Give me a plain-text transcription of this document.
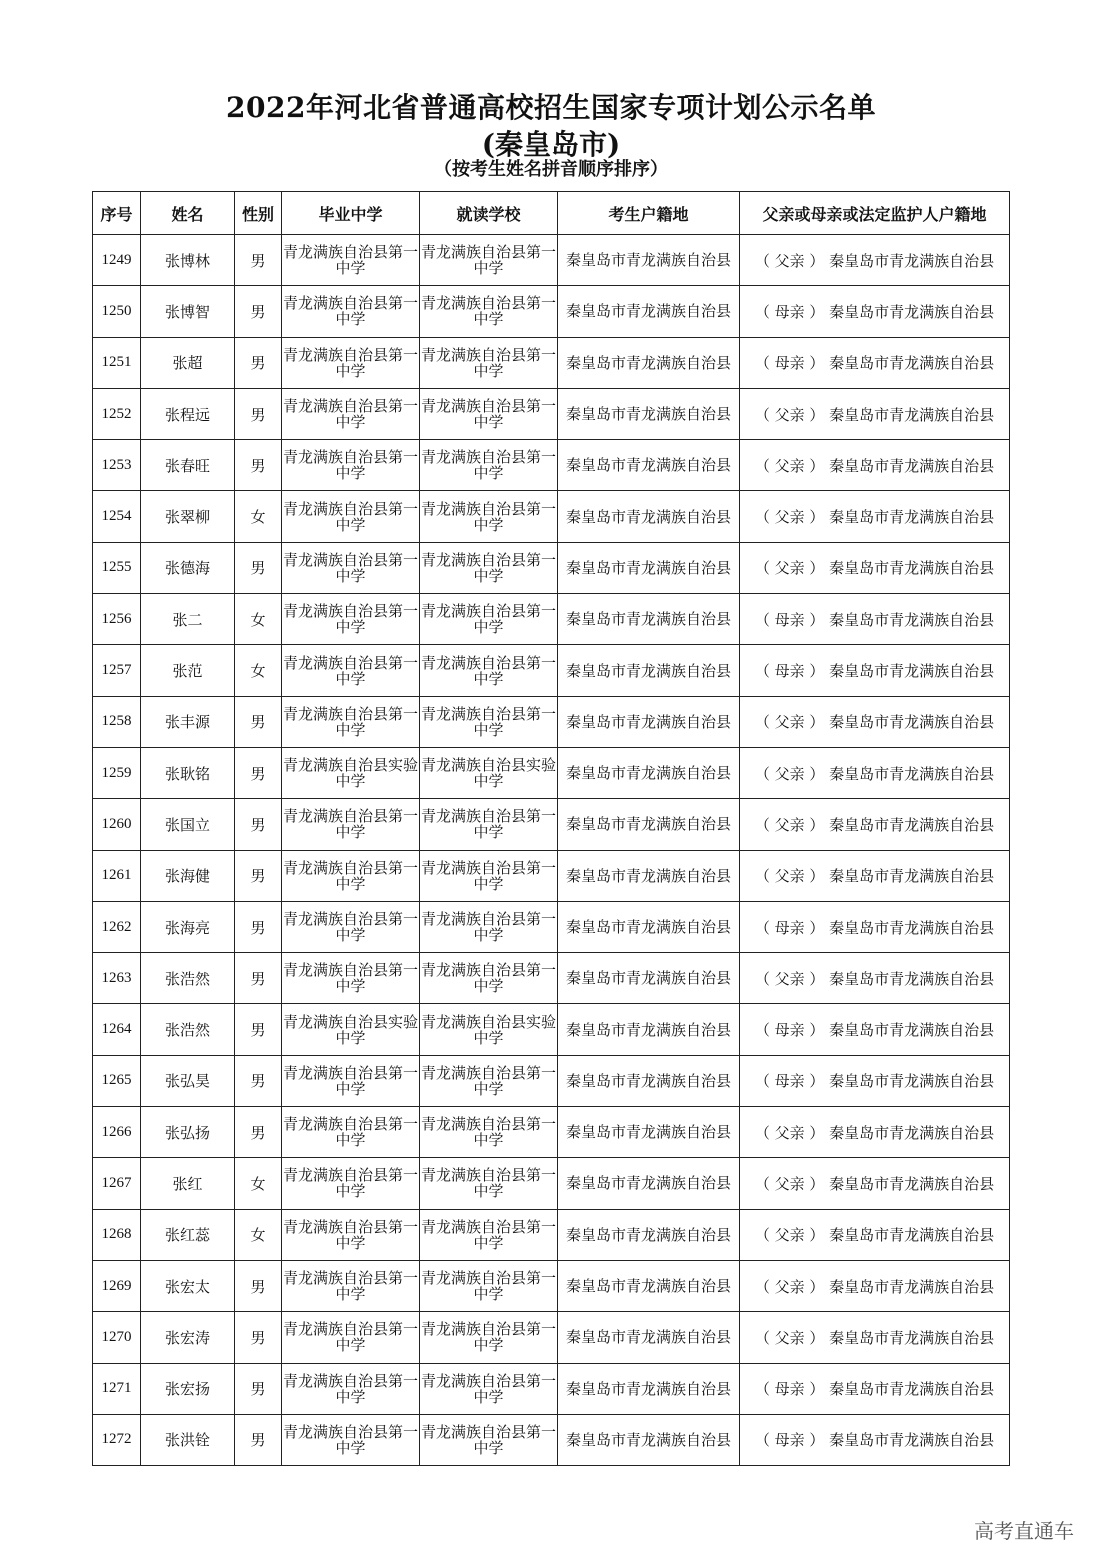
2022年河北省普通高校招生国家专项计划公示名单
(秦皇岛市)
（按考生姓名拼音顺序排序）
序号	姓名	性别	毕业中学	就读学校	考生户籍地	父亲或母亲或法定监护人户籍地
1249	张博林	男	青龙满族自治县第一中学	青龙满族自治县第一中学	秦皇岛市青龙满族自治县	（ 父亲 ） 秦皇岛市青龙满族自治县
1250	张博智	男	青龙满族自治县第一中学	青龙满族自治县第一中学	秦皇岛市青龙满族自治县	（ 母亲 ） 秦皇岛市青龙满族自治县
1251	张超	男	青龙满族自治县第一中学	青龙满族自治县第一中学	秦皇岛市青龙满族自治县	（ 母亲 ） 秦皇岛市青龙满族自治县
1252	张程远	男	青龙满族自治县第一中学	青龙满族自治县第一中学	秦皇岛市青龙满族自治县	（ 父亲 ） 秦皇岛市青龙满族自治县
1253	张春旺	男	青龙满族自治县第一中学	青龙满族自治县第一中学	秦皇岛市青龙满族自治县	（ 父亲 ） 秦皇岛市青龙满族自治县
1254	张翠柳	女	青龙满族自治县第一中学	青龙满族自治县第一中学	秦皇岛市青龙满族自治县	（ 父亲 ） 秦皇岛市青龙满族自治县
1255	张德海	男	青龙满族自治县第一中学	青龙满族自治县第一中学	秦皇岛市青龙满族自治县	（ 父亲 ） 秦皇岛市青龙满族自治县
1256	张二	女	青龙满族自治县第一中学	青龙满族自治县第一中学	秦皇岛市青龙满族自治县	（ 母亲 ） 秦皇岛市青龙满族自治县
1257	张范	女	青龙满族自治县第一中学	青龙满族自治县第一中学	秦皇岛市青龙满族自治县	（ 母亲 ） 秦皇岛市青龙满族自治县
1258	张丰源	男	青龙满族自治县第一中学	青龙满族自治县第一中学	秦皇岛市青龙满族自治县	（ 父亲 ） 秦皇岛市青龙满族自治县
1259	张耿铭	男	青龙满族自治县实验中学	青龙满族自治县实验中学	秦皇岛市青龙满族自治县	（ 父亲 ） 秦皇岛市青龙满族自治县
1260	张国立	男	青龙满族自治县第一中学	青龙满族自治县第一中学	秦皇岛市青龙满族自治县	（ 父亲 ） 秦皇岛市青龙满族自治县
1261	张海健	男	青龙满族自治县第一中学	青龙满族自治县第一中学	秦皇岛市青龙满族自治县	（ 父亲 ） 秦皇岛市青龙满族自治县
1262	张海亮	男	青龙满族自治县第一中学	青龙满族自治县第一中学	秦皇岛市青龙满族自治县	（ 母亲 ） 秦皇岛市青龙满族自治县
1263	张浩然	男	青龙满族自治县第一中学	青龙满族自治县第一中学	秦皇岛市青龙满族自治县	（ 父亲 ） 秦皇岛市青龙满族自治县
1264	张浩然	男	青龙满族自治县实验中学	青龙满族自治县实验中学	秦皇岛市青龙满族自治县	（ 母亲 ） 秦皇岛市青龙满族自治县
1265	张弘昊	男	青龙满族自治县第一中学	青龙满族自治县第一中学	秦皇岛市青龙满族自治县	（ 母亲 ） 秦皇岛市青龙满族自治县
1266	张弘扬	男	青龙满族自治县第一中学	青龙满族自治县第一中学	秦皇岛市青龙满族自治县	（ 父亲 ） 秦皇岛市青龙满族自治县
1267	张红	女	青龙满族自治县第一中学	青龙满族自治县第一中学	秦皇岛市青龙满族自治县	（ 父亲 ） 秦皇岛市青龙满族自治县
1268	张红蕊	女	青龙满族自治县第一中学	青龙满族自治县第一中学	秦皇岛市青龙满族自治县	（ 父亲 ） 秦皇岛市青龙满族自治县
1269	张宏太	男	青龙满族自治县第一中学	青龙满族自治县第一中学	秦皇岛市青龙满族自治县	（ 父亲 ） 秦皇岛市青龙满族自治县
1270	张宏涛	男	青龙满族自治县第一中学	青龙满族自治县第一中学	秦皇岛市青龙满族自治县	（ 父亲 ） 秦皇岛市青龙满族自治县
1271	张宏扬	男	青龙满族自治县第一中学	青龙满族自治县第一中学	秦皇岛市青龙满族自治县	（ 母亲 ） 秦皇岛市青龙满族自治县
1272	张洪铨	男	青龙满族自治县第一中学	青龙满族自治县第一中学	秦皇岛市青龙满族自治县	（ 母亲 ） 秦皇岛市青龙满族自治县
高考直通车
